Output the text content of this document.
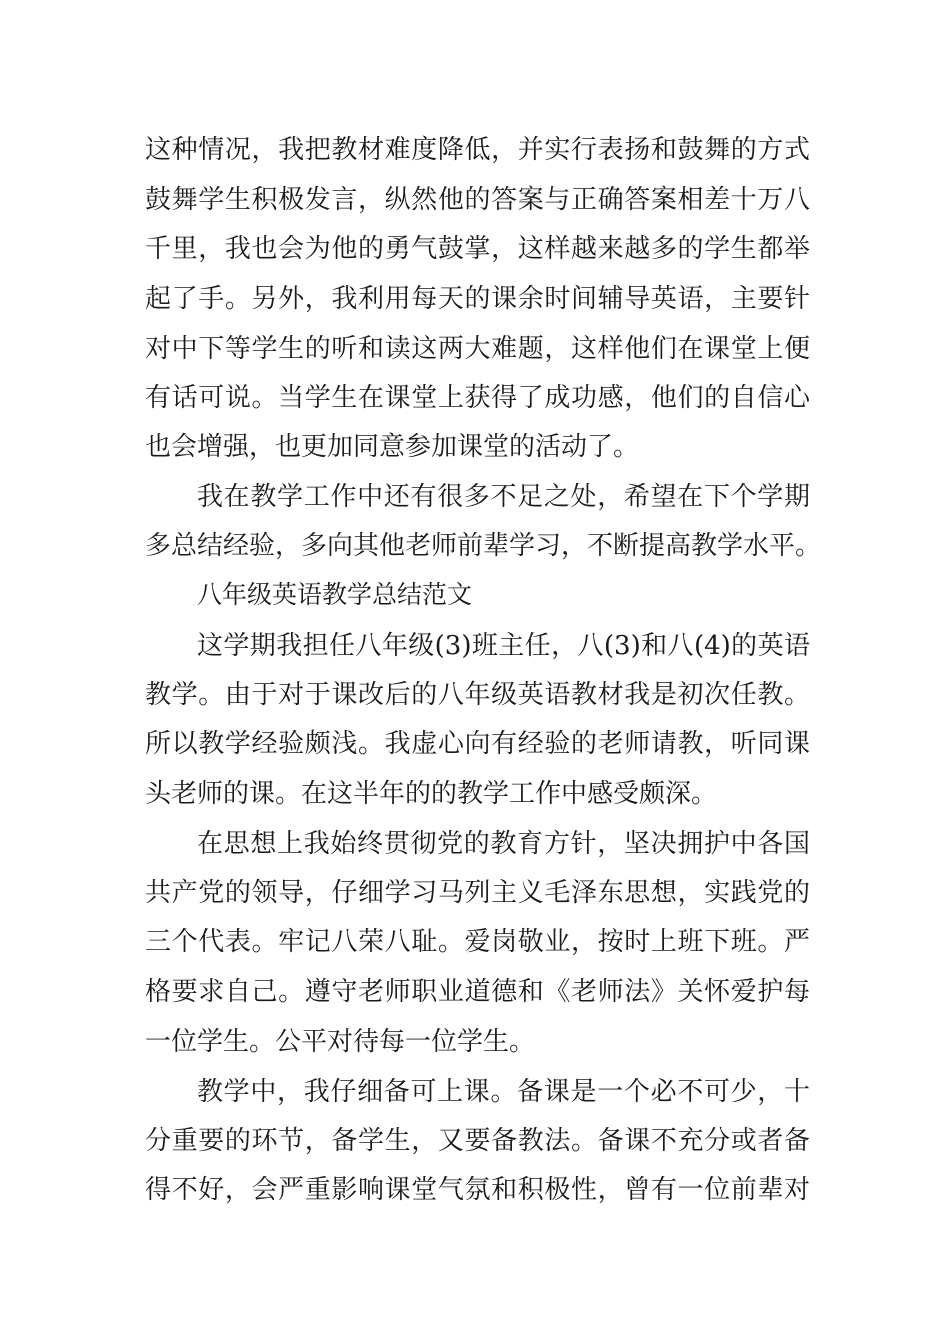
这种情况，我把教材难度降低，并实行表扬和鼓舞的方式
鼓舞学生积极发言，纵然他的答案与正确答案相差十万八
千里，我也会为他的勇气鼓掌，这样越来越多的学生都举
起了手。另外，我利用每天的课余时间辅导英语，主要针
对中下等学生的听和读这两大难题，这样他们在课堂上便
有话可说。当学生在课堂上获得了成功感，他们的自信心
也会增强，也更加同意参加课堂的活动了。
我在教学工作中还有很多不足之处，希望在下个学期
多总结经验，多向其他老师前辈学习，不断提高教学水平。
八年级英语教学总结范文
这学期我担任八年级(3)班主任，八(3)和八(4)的英语
教学。由于对于课改后的八年级英语教材我是初次任教。
所以教学经验颇浅。我虚心向有经验的老师请教，听同课
头老师的课。在这半年的的教学工作中感受颇深。
在思想上我始终贯彻党的教育方针，坚决拥护中各国
共产党的领导，仔细学习马列主义毛泽东思想，实践党的
三个代表。牢记八荣八耻。爱岗敬业，按时上班下班。严
格要求自己。遵守老师职业道德和《老师法》关怀爱护每
一位学生。公平对待每一位学生。
教学中，我仔细备可上课。备课是一个必不可少，十
分重要的环节，备学生，又要备教法。备课不充分或者备
得不好，会严重影响课堂气氛和积极性，曾有一位前辈对
